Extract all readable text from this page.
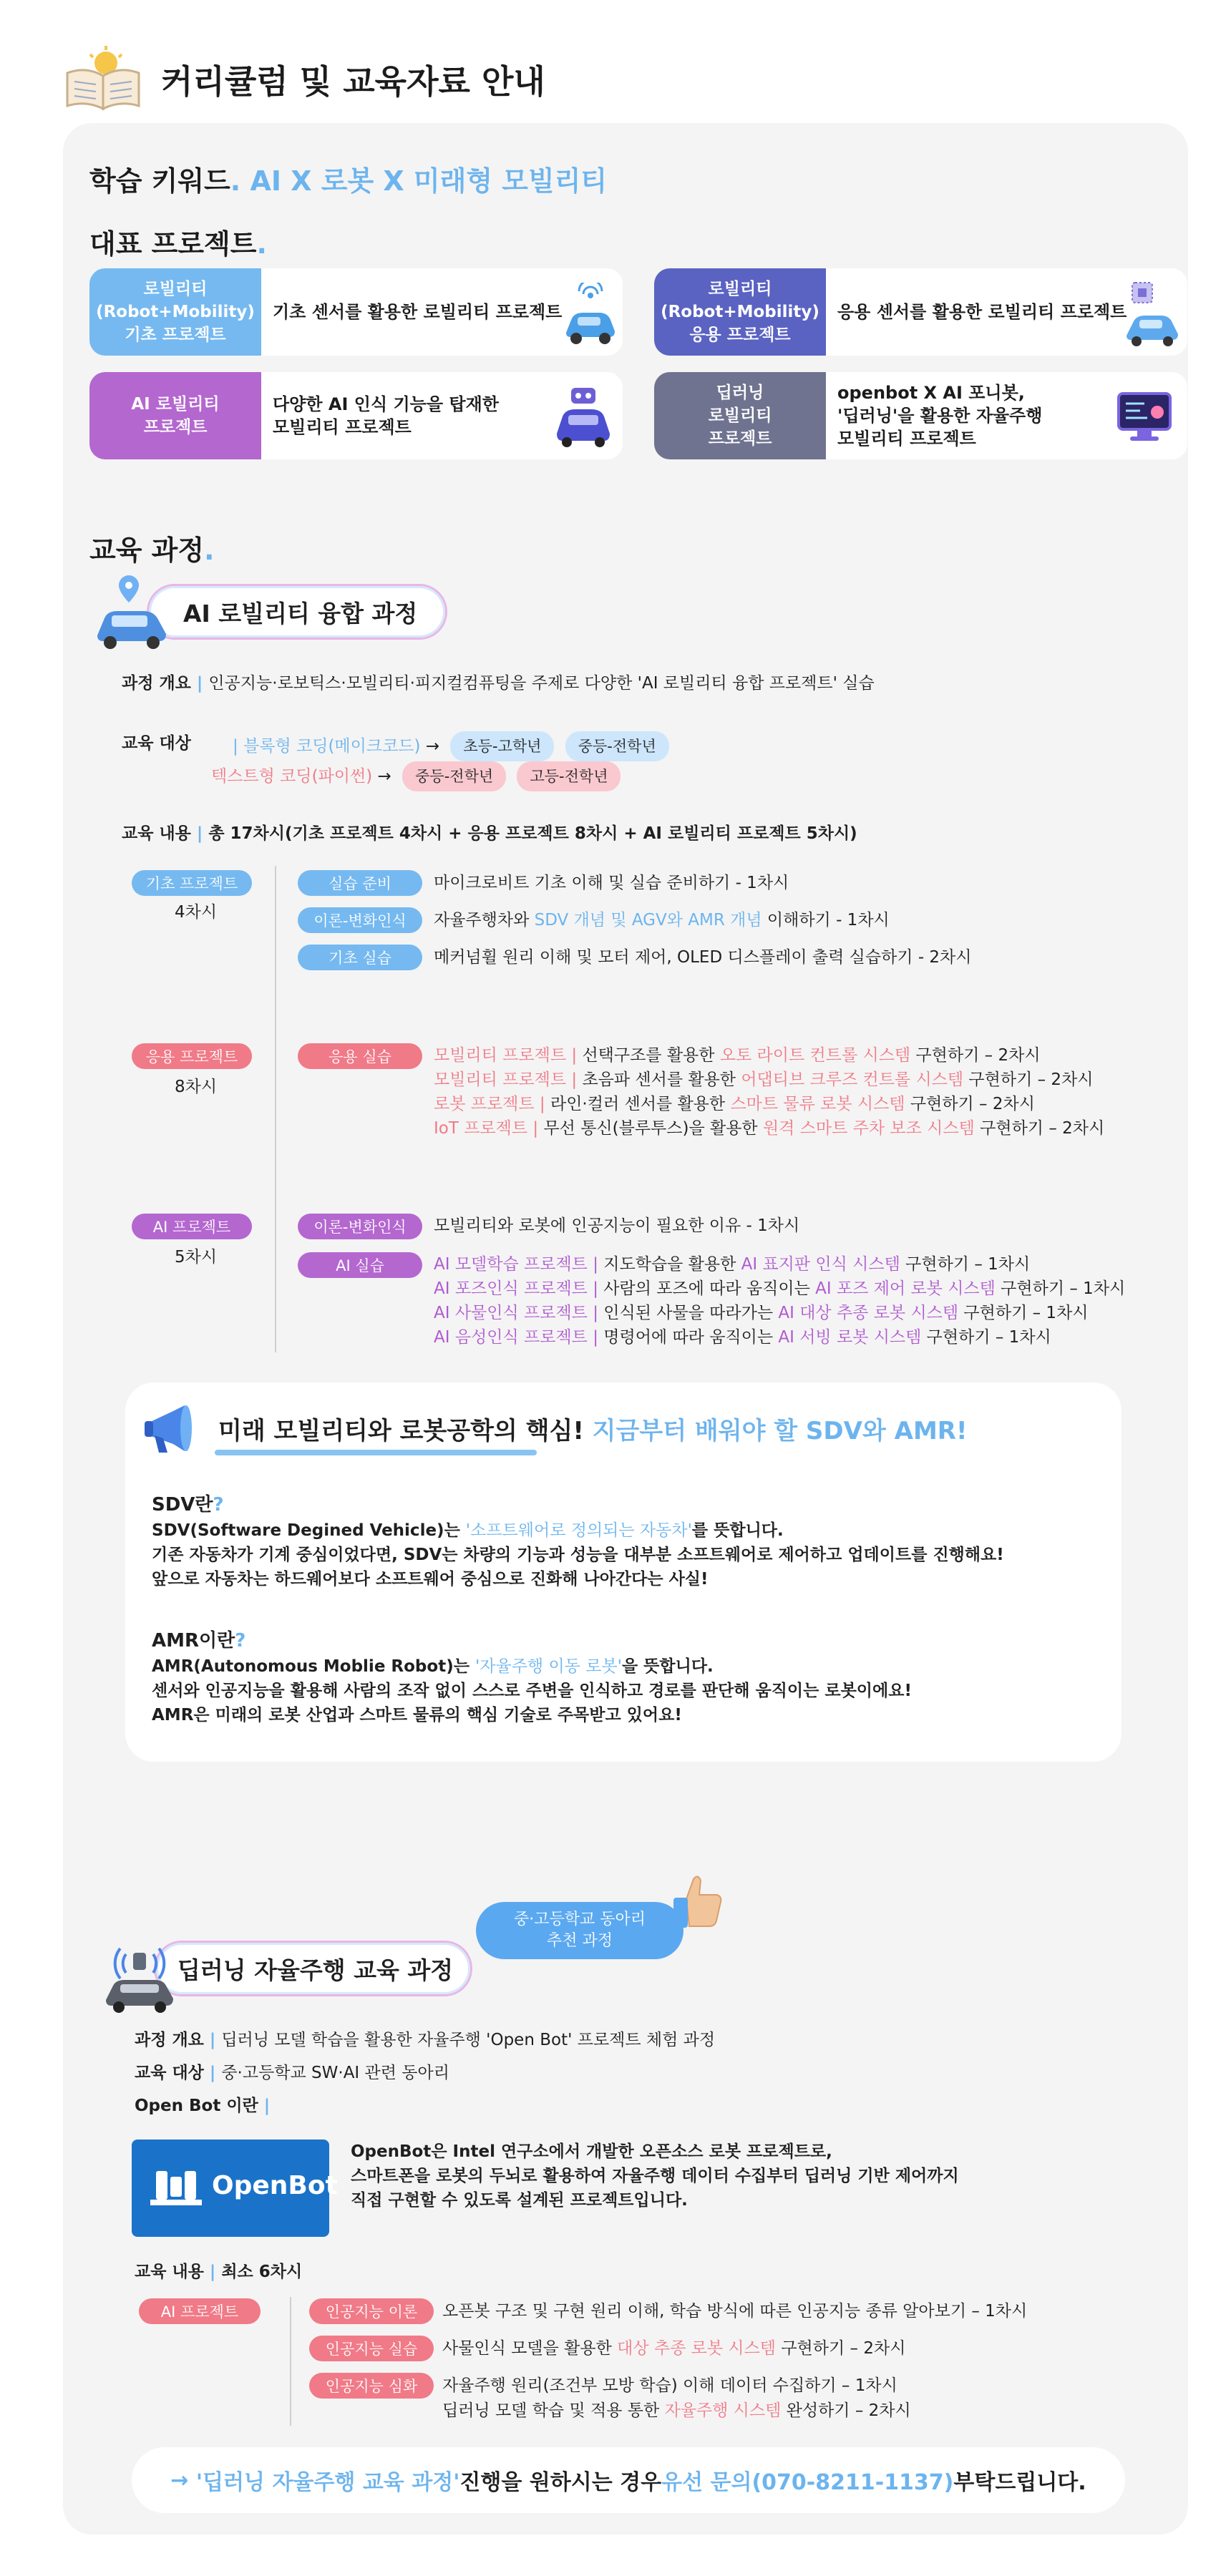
커리큘럼 및 교육자료 안내
학습 키워드. AI X 로봇 X 미래형 모빌리티
대표 프로젝트.
로빌리티
(Robot+Mobility)
기초 프로젝트
기초 센서를 활용한 로빌리티 프로젝트
로빌리티
(Robot+Mobility)
응용 프로젝트
응용 센서를 활용한 로빌리티 프로젝트
AI 로빌리티
프로젝트
다양한 AI 인식 기능을 탑재한
모빌리티 프로젝트
딥러닝
로빌리티
프로젝트
openbot X AI 포니봇,
'딥러닝'을 활용한 자율주행
모빌리티 프로젝트
교육 과정.
AI 로빌리티 융합 과정
과정 개요 | 인공지능·로보틱스·모빌리티·피지컬컴퓨팅을 주제로 다양한 'AI 로빌리티 융합 프로젝트' 실습
교육 대상	| 블록형 코딩(메이크코드) → 초등-고학년 중등-전학년
텍스트형 코딩(파이썬) → 중등-전학년 고등-전학년
교육 내용 | 총 17차시(기초 프로젝트 4차시 + 응용 프로젝트 8차시 + AI 로빌리티 프로젝트 5차시)
기초 프로젝트
4차시
실습 준비	마이크로비트 기초 이해 및 실습 준비하기 - 1차시
이론-변화인식	자율주행차와 SDV 개념 및 AGV와 AMR 개념 이해하기 - 1차시
기초 실습	메커넘휠 원리 이해 및 모터 제어, OLED 디스플레이 출력 실습하기 - 2차시
응용 프로젝트
8차시
응용 실습	모빌리티 프로젝트 | 선택구조를 활용한 오토 라이트 컨트롤 시스템 구현하기 – 2차시
모빌리티 프로젝트 | 초음파 센서를 활용한 어댑티브 크루즈 컨트롤 시스템 구현하기 – 2차시
로봇 프로젝트 | 라인·컬러 센서를 활용한 스마트 물류 로봇 시스템 구현하기 – 2차시
IoT 프로젝트 | 무선 통신(블루투스)을 활용한 원격 스마트 주차 보조 시스템 구현하기 – 2차시
AI 프로젝트
5차시
이론-변화인식	모빌리티와 로봇에 인공지능이 필요한 이유 - 1차시
AI 실습	AI 모델학습 프로젝트 | 지도학습을 활용한 AI 표지판 인식 시스템 구현하기 – 1차시
AI 포즈인식 프로젝트 | 사람의 포즈에 따라 움직이는 AI 포즈 제어 로봇 시스템 구현하기 – 1차시
AI 사물인식 프로젝트 | 인식된 사물을 따라가는 AI 대상 추종 로봇 시스템 구현하기 – 1차시
AI 음성인식 프로젝트 | 명령어에 따라 움직이는 AI 서빙 로봇 시스템 구현하기 – 1차시
미래 모빌리티와 로봇공학의 핵심! 지금부터 배워야 할 SDV와 AMR!
SDV란?
SDV(Software Degined Vehicle)는 '소프트웨어로 정의되는 자동차'를 뜻합니다.
기존 자동차가 기계 중심이었다면, SDV는 차량의 기능과 성능을 대부분 소프트웨어로 제어하고 업데이트를 진행해요!
앞으로 자동차는 하드웨어보다 소프트웨어 중심으로 진화해 나아간다는 사실!
AMR이란?
AMR(Autonomous Moblie Robot)는 '자율주행 이동 로봇'을 뜻합니다.
센서와 인공지능을 활용해 사람의 조작 없이 스스로 주변을 인식하고 경로를 판단해 움직이는 로봇이에요!
AMR은 미래의 로봇 산업과 스마트 물류의 핵심 기술로 주목받고 있어요!
중·고등학교 동아리
추천 과정
딥러닝 자율주행 교육 과정
과정 개요 | 딥러닝 모델 학습을 활용한 자율주행 'Open Bot' 프로젝트 체험 과정
교육 대상 | 중·고등학교 SW·AI 관련 동아리
Open Bot 이란 |
OpenBot
OpenBot은 Intel 연구소에서 개발한 오픈소스 로봇 프로젝트로,
스마트폰을 로봇의 두뇌로 활용하여 자율주행 데이터 수집부터 딥러닝 기반 제어까지
직접 구현할 수 있도록 설계된 프로젝트입니다.
교육 내용 | 최소 6차시
AI 프로젝트	인공지능 이론	오픈봇 구조 및 구현 원리 이해, 학습 방식에 따른 인공지능 종류 알아보기 – 1차시
인공지능 실습	사물인식 모델을 활용한 대상 추종 로봇 시스템 구현하기 – 2차시
인공지능 심화	자율주행 원리(조건부 모방 학습) 이해 데이터 수집하기 – 1차시
딥러닝 모델 학습 및 적용 통한 자율주행 시스템 완성하기 – 2차시
→
'딥러닝 자율주행 교육 과정' 진행을 원하시는 경우 유선 문의(070-8211-1137) 부탁드립니다.
